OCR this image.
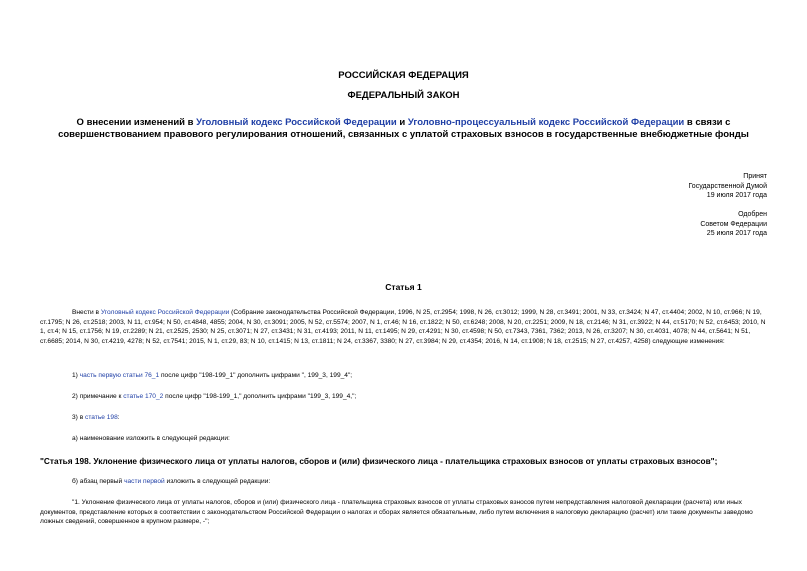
РОССИЙСКАЯ ФЕДЕРАЦИЯ
ФЕДЕРАЛЬНЫЙ ЗАКОН
О внесении изменений в Уголовный кодекс Российской Федерации и Уголовно-процессуальный кодекс Российской Федерации в связи с совершенствованием правового регулирования отношений, связанных с уплатой страховых взносов в государственные внебюджетные фонды
Принят
Государственной Думой
19 июля 2017 года
Одобрен
Советом Федерации
25 июля 2017 года
Статья 1
Внести в Уголовный кодекс Российской Федерации (Собрание законодательства Российской Федерации, 1996, N 25, ст.2954; 1998, N 26, ст.3012; 1999, N 28, ст.3491; 2001, N 33, ст.3424; N 47, ст.4404; 2002, N 10, ст.966; N 19, ст.1795; N 26, ст.2518; 2003, N 11, ст.954; N 50, ст.4848, 4855; 2004, N 30, ст.3091; 2005, N 52, ст.5574; 2007, N 1, ст.46; N 16, ст.1822; N 50, ст.6248; 2008, N 20, ст.2251; 2009, N 18, ст.2146; N 31, ст.3922; N 44, ст.5170; N 52, ст.6453; 2010, N 1, ст.4; N 15, ст.1756; N 19, ст.2289; N 21, ст.2525, 2530; N 25, ст.3071; N 27, ст.3431; N 31, ст.4193; 2011, N 11, ст.1495; N 29, ст.4291; N 30, ст.4598; N 50, ст.7343, 7361, 7362; 2013, N 26, ст.3207; N 30, ст.4031, 4078; N 44, ст.5641; N 51, ст.6685; 2014, N 30, ст.4219, 4278; N 52, ст.7541; 2015, N 1, ст.29, 83; N 10, ст.1415; N 13, ст.1811; N 24, ст.3367, 3380; N 27, ст.3984; N 29, ст.4354; 2016, N 14, ст.1908; N 18, ст.2515; N 27, ст.4257, 4258) следующие изменения:
1) часть первую статьи 76_1 после цифр "198-199_1" дополнить цифрами ", 199_3, 199_4";
2) примечание к статье 170_2 после цифр "198-199_1," дополнить цифрами "199_3, 199_4,";
3) в статье 198:
а) наименование изложить в следующей редакции:
"Статья 198. Уклонение физического лица от уплаты налогов, сборов и (или) физического лица - плательщика страховых взносов от уплаты страховых взносов";
б) абзац первый части первой изложить в следующей редакции:
"1. Уклонение физического лица от уплаты налогов, сборов и (или) физического лица - плательщика страховых взносов от уплаты страховых взносов путем непредставления налоговой декларации (расчета) или иных документов, представление которых в соответствии с законодательством Российской Федерации о налогах и сборах является обязательным, либо путем включения в налоговую декларацию (расчет) или такие документы заведомо ложных сведений, совершенное в крупном размере, -";
